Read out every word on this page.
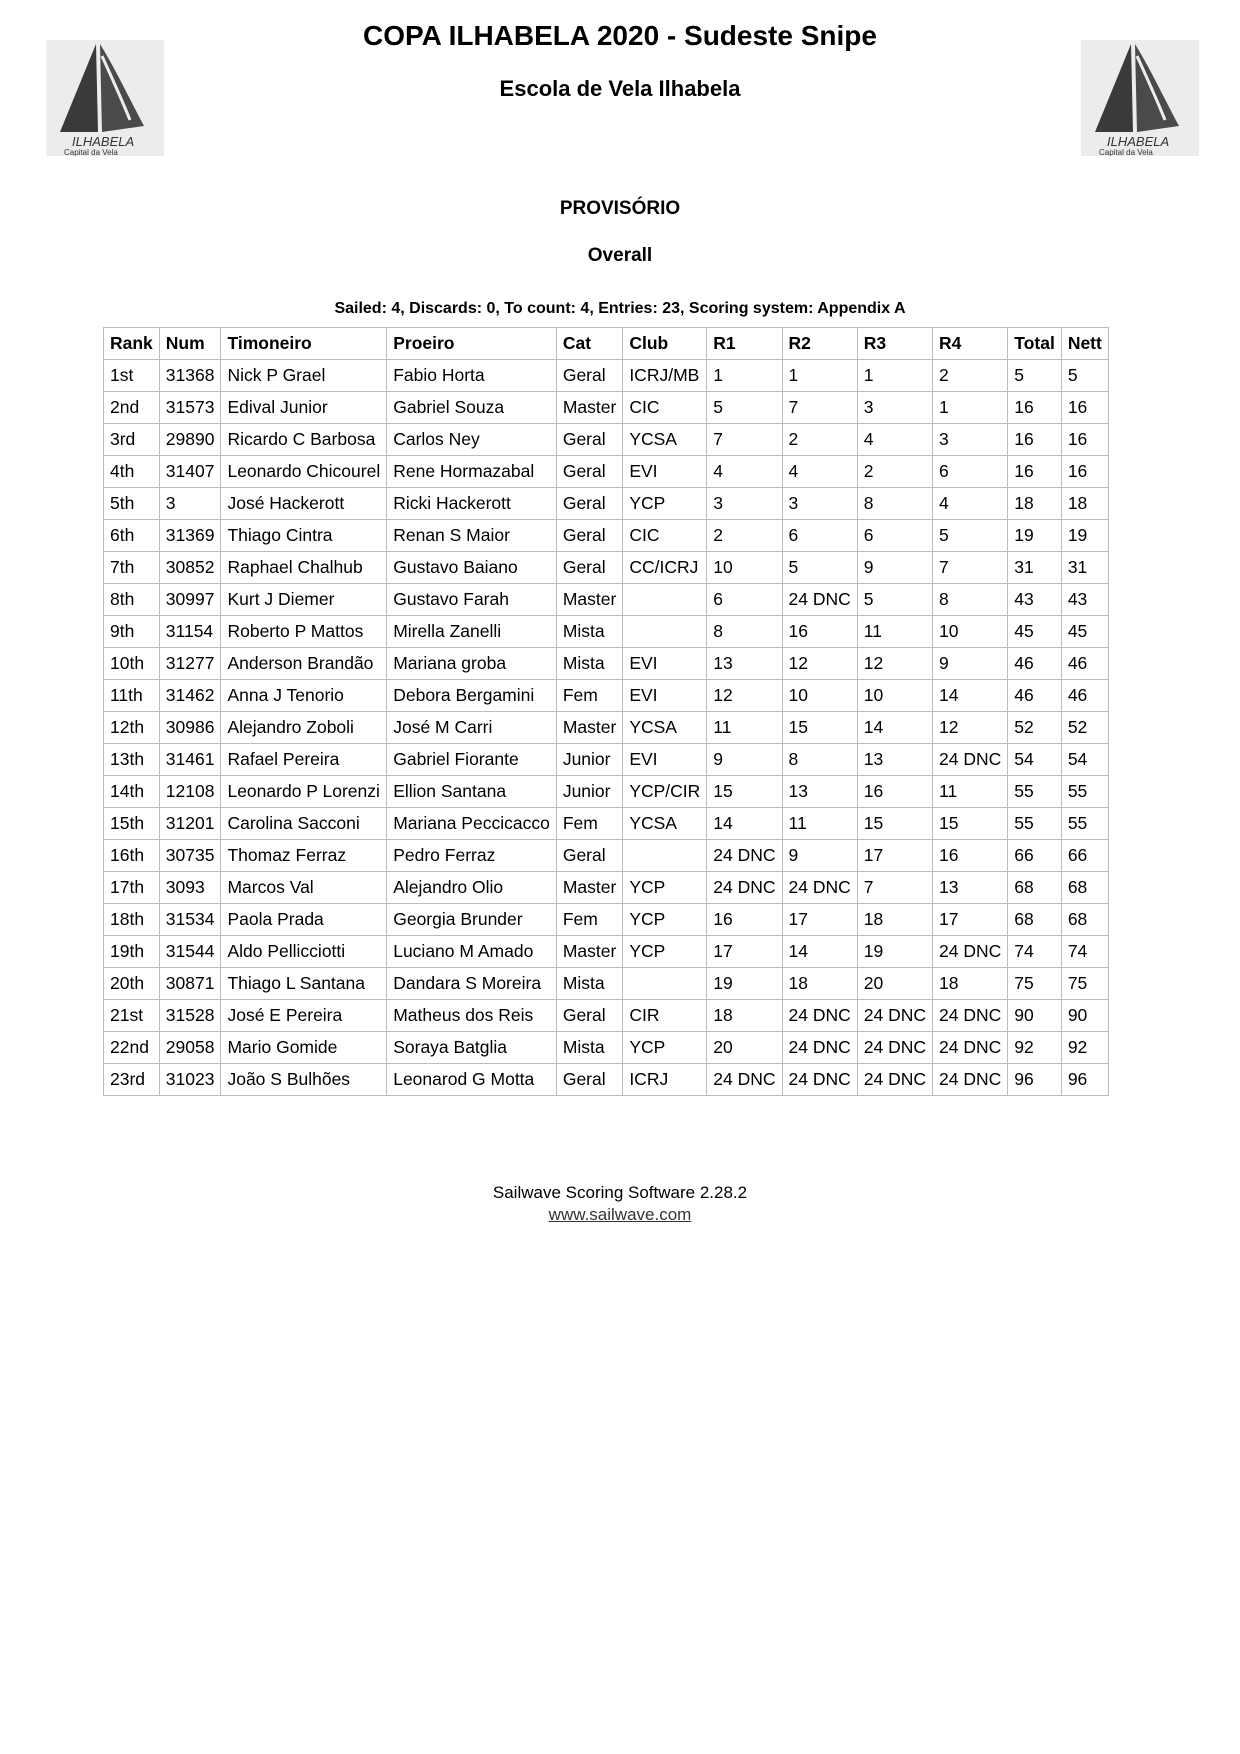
ILHABELA
Capital da Vela
ILHABELA
Capital da Vela
COPA ILHABELA 2020 - Sudeste Snipe
Escola de Vela Ilhabela
PROVISÓRIO
Overall
Sailed: 4, Discards: 0, To count: 4, Entries: 23, Scoring system: Appendix A
Rank	Num	Timoneiro	Proeiro	Cat	Club	R1	R2	R3	R4	Total	Nett
1st	31368	Nick P Grael	Fabio Horta	Geral	ICRJ/MB	1	1	1	2	5	5
2nd	31573	Edival Junior	Gabriel Souza	Master	CIC	5	7	3	1	16	16
3rd	29890	Ricardo C Barbosa	Carlos Ney	Geral	YCSA	7	2	4	3	16	16
4th	31407	Leonardo Chicourel	Rene Hormazabal	Geral	EVI	4	4	2	6	16	16
5th	3	José Hackerott	Ricki Hackerott	Geral	YCP	3	3	8	4	18	18
6th	31369	Thiago Cintra	Renan S Maior	Geral	CIC	2	6	6	5	19	19
7th	30852	Raphael Chalhub	Gustavo Baiano	Geral	CC/ICRJ	10	5	9	7	31	31
8th	30997	Kurt J Diemer	Gustavo Farah	Master		6	24 DNC	5	8	43	43
9th	31154	Roberto P Mattos	Mirella Zanelli	Mista		8	16	11	10	45	45
10th	31277	Anderson Brandão	Mariana groba	Mista	EVI	13	12	12	9	46	46
11th	31462	Anna J Tenorio	Debora Bergamini	Fem	EVI	12	10	10	14	46	46
12th	30986	Alejandro Zoboli	José M Carri	Master	YCSA	11	15	14	12	52	52
13th	31461	Rafael Pereira	Gabriel Fiorante	Junior	EVI	9	8	13	24 DNC	54	54
14th	12108	Leonardo P Lorenzi	Ellion Santana	Junior	YCP/CIR	15	13	16	11	55	55
15th	31201	Carolina Sacconi	Mariana Peccicacco	Fem	YCSA	14	11	15	15	55	55
16th	30735	Thomaz Ferraz	Pedro Ferraz	Geral		24 DNC	9	17	16	66	66
17th	3093	Marcos Val	Alejandro Olio	Master	YCP	24 DNC	24 DNC	7	13	68	68
18th	31534	Paola Prada	Georgia Brunder	Fem	YCP	16	17	18	17	68	68
19th	31544	Aldo Pellicciotti	Luciano M Amado	Master	YCP	17	14	19	24 DNC	74	74
20th	30871	Thiago L Santana	Dandara S Moreira	Mista		19	18	20	18	75	75
21st	31528	José E Pereira	Matheus dos Reis	Geral	CIR	18	24 DNC	24 DNC	24 DNC	90	90
22nd	29058	Mario Gomide	Soraya Batglia	Mista	YCP	20	24 DNC	24 DNC	24 DNC	92	92
23rd	31023	João S Bulhões	Leonarod G Motta	Geral	ICRJ	24 DNC	24 DNC	24 DNC	24 DNC	96	96
Sailwave Scoring Software 2.28.2
www.sailwave.com
